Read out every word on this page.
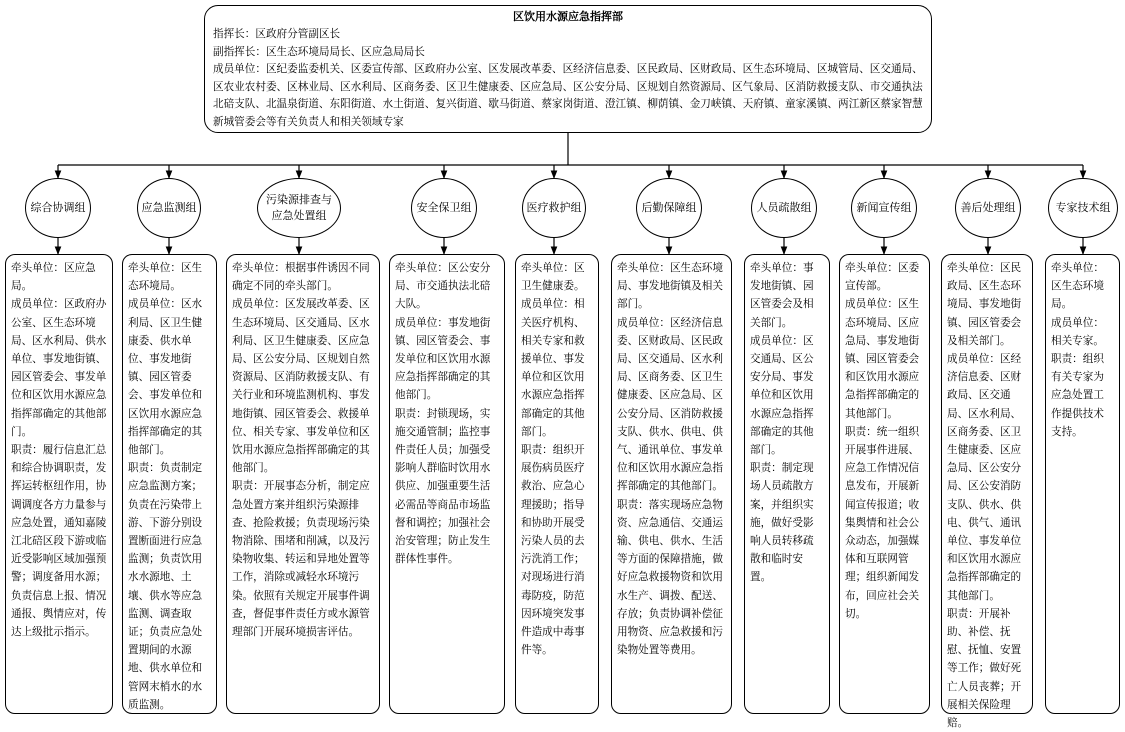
区饮用水源应急指挥部
指挥长：区政府分管副区长
副指挥长：区生态环境局局长、区应急局局长
成员单位：区纪委监委机关、区委宣传部、区政府办公室、区发展改革委、区经济信息委、区民政局、区财政局、区生态环境局、区城管局、区交通局、区农业农村委、区林业局、区水利局、区商务委、区卫生健康委、区应急局、区公安分局、区规划自然资源局、区气象局、区消防救援支队、市交通执法北碚支队、北温泉街道、东阳街道、水土街道、复兴街道、歇马街道、蔡家岗街道、澄江镇、柳荫镇、金刀峡镇、天府镇、童家溪镇、两江新区蔡家智慧新城管委会等有关负责人和相关领域专家
综合协调组

牵头单位：区应急局。

成员单位：区政府办公室、区生态环境局、区水利局、供水单位、事发地街镇、园区管委会、事发单位和区饮用水源应急指挥部确定的其他部门。

职责：履行信息汇总和综合协调职责，发挥运转枢纽作用，协调调度各方力量参与应急处置，通知嘉陵江北碚区段下游或临近受影响区域加强预警；调度备用水源；负责信息上报、情况通报、舆情应对，传达上级批示指示。

应急监测组

牵头单位：区生态环境局。

成员单位：区水利局、区卫生健康委、供水单位、事发地街镇、园区管委会、事发单位和区饮用水源应急指挥部确定的其他部门。

职责：负责制定应急监测方案；负责在污染带上游、下游分别设置断面进行应急监测；负责饮用水水源地、土壤、供水等应急监测、调查取证；负责应急处置期间的水源地、供水单位和管网末梢水的水质监测。

污染源排查与应急处置组

牵头单位：根据事件诱因不同确定不同的牵头部门。

成员单位：区发展改革委、区生态环境局、区交通局、区水利局、区卫生健康委、区应急局、区公安分局、区规划自然资源局、区消防救援支队、有关行业和环境监测机构、事发地街镇、园区管委会、救援单位、相关专家、事发单位和区饮用水源应急指挥部确定的其他部门。

职责：开展事态分析，制定应急处置方案并组织污染源排查、抢险救援；负责现场污染物消除、围堵和削减，以及污染物收集、转运和异地处置等工作，消除或减轻水环境污染。依照有关规定开展事件调查，督促事件责任方或水源管理部门开展环境损害评估。

安全保卫组

牵头单位：区公安分局、市交通执法北碚大队。

成员单位：事发地街镇、园区管委会、事发单位和区饮用水源应急指挥部确定的其他部门。

职责：封锁现场，实施交通管制；监控事件责任人员；加强受影响人群临时饮用水供应、加强重要生活必需品等商品市场监督和调控；加强社会治安管理；防止发生群体性事件。

医疗救护组

牵头单位：区卫生健康委。

成员单位：相关医疗机构、相关专家和救援单位、事发单位和区饮用水源应急指挥部确定的其他部门。

职责：组织开展伤病员医疗救治、应急心理援助；指导和协助开展受污染人员的去污洗消工作；对现场进行消毒防疫，防范因环境突发事件造成中毒事件等。

后勤保障组

牵头单位：区生态环境局、事发地街镇及相关部门。

成员单位：区经济信息委、区财政局、区民政局、区交通局、区水利局、区商务委、区卫生健康委、区应急局、区公安分局、区消防救援支队、供水、供电、供气、通讯单位、事发单位和区饮用水源应急指挥部确定的其他部门。

职责：落实现场应急物资、应急通信、交通运输、供电、供水、生活等方面的保障措施，做好应急救援物资和饮用水生产、调拨、配送、存放；负责协调补偿征用物资、应急救援和污染物处置等费用。

人员疏散组

牵头单位：事发地街镇、园区管委会及相关部门。

成员单位：区交通局、区公安分局、事发单位和区饮用水源应急指挥部确定的其他部门。

职责：制定现场人员疏散方案，并组织实施，做好受影响人员转移疏散和临时安置。

新闻宣传组

牵头单位：区委宣传部。

成员单位：区生态环境局、区应急局、事发地街镇、园区管委会和区饮用水源应急指挥部确定的其他部门。

职责：统一组织开展事件进展、应急工作情况信息发布，开展新闻宣传报道；收集舆情和社会公众动态，加强媒体和互联网管理；组织新闻发布，回应社会关切。

善后处理组

牵头单位：区民政局、区生态环境局、事发地街镇、园区管委会及相关部门。

成员单位：区经济信息委、区财政局、区交通局、区水利局、区商务委、区卫生健康委、区应急局、区公安分局、区公安消防支队、供水、供电、供气、通讯单位、事发单位和区饮用水源应急指挥部确定的其他部门。

职责：开展补助、补偿、抚慰、抚恤、安置等工作；做好死亡人员丧葬；开展相关保险理赔。

专家技术组

牵头单位：区生态环境局。

成员单位：相关专家。

职责：组织有关专家为应急处置工作提供技术支持。
